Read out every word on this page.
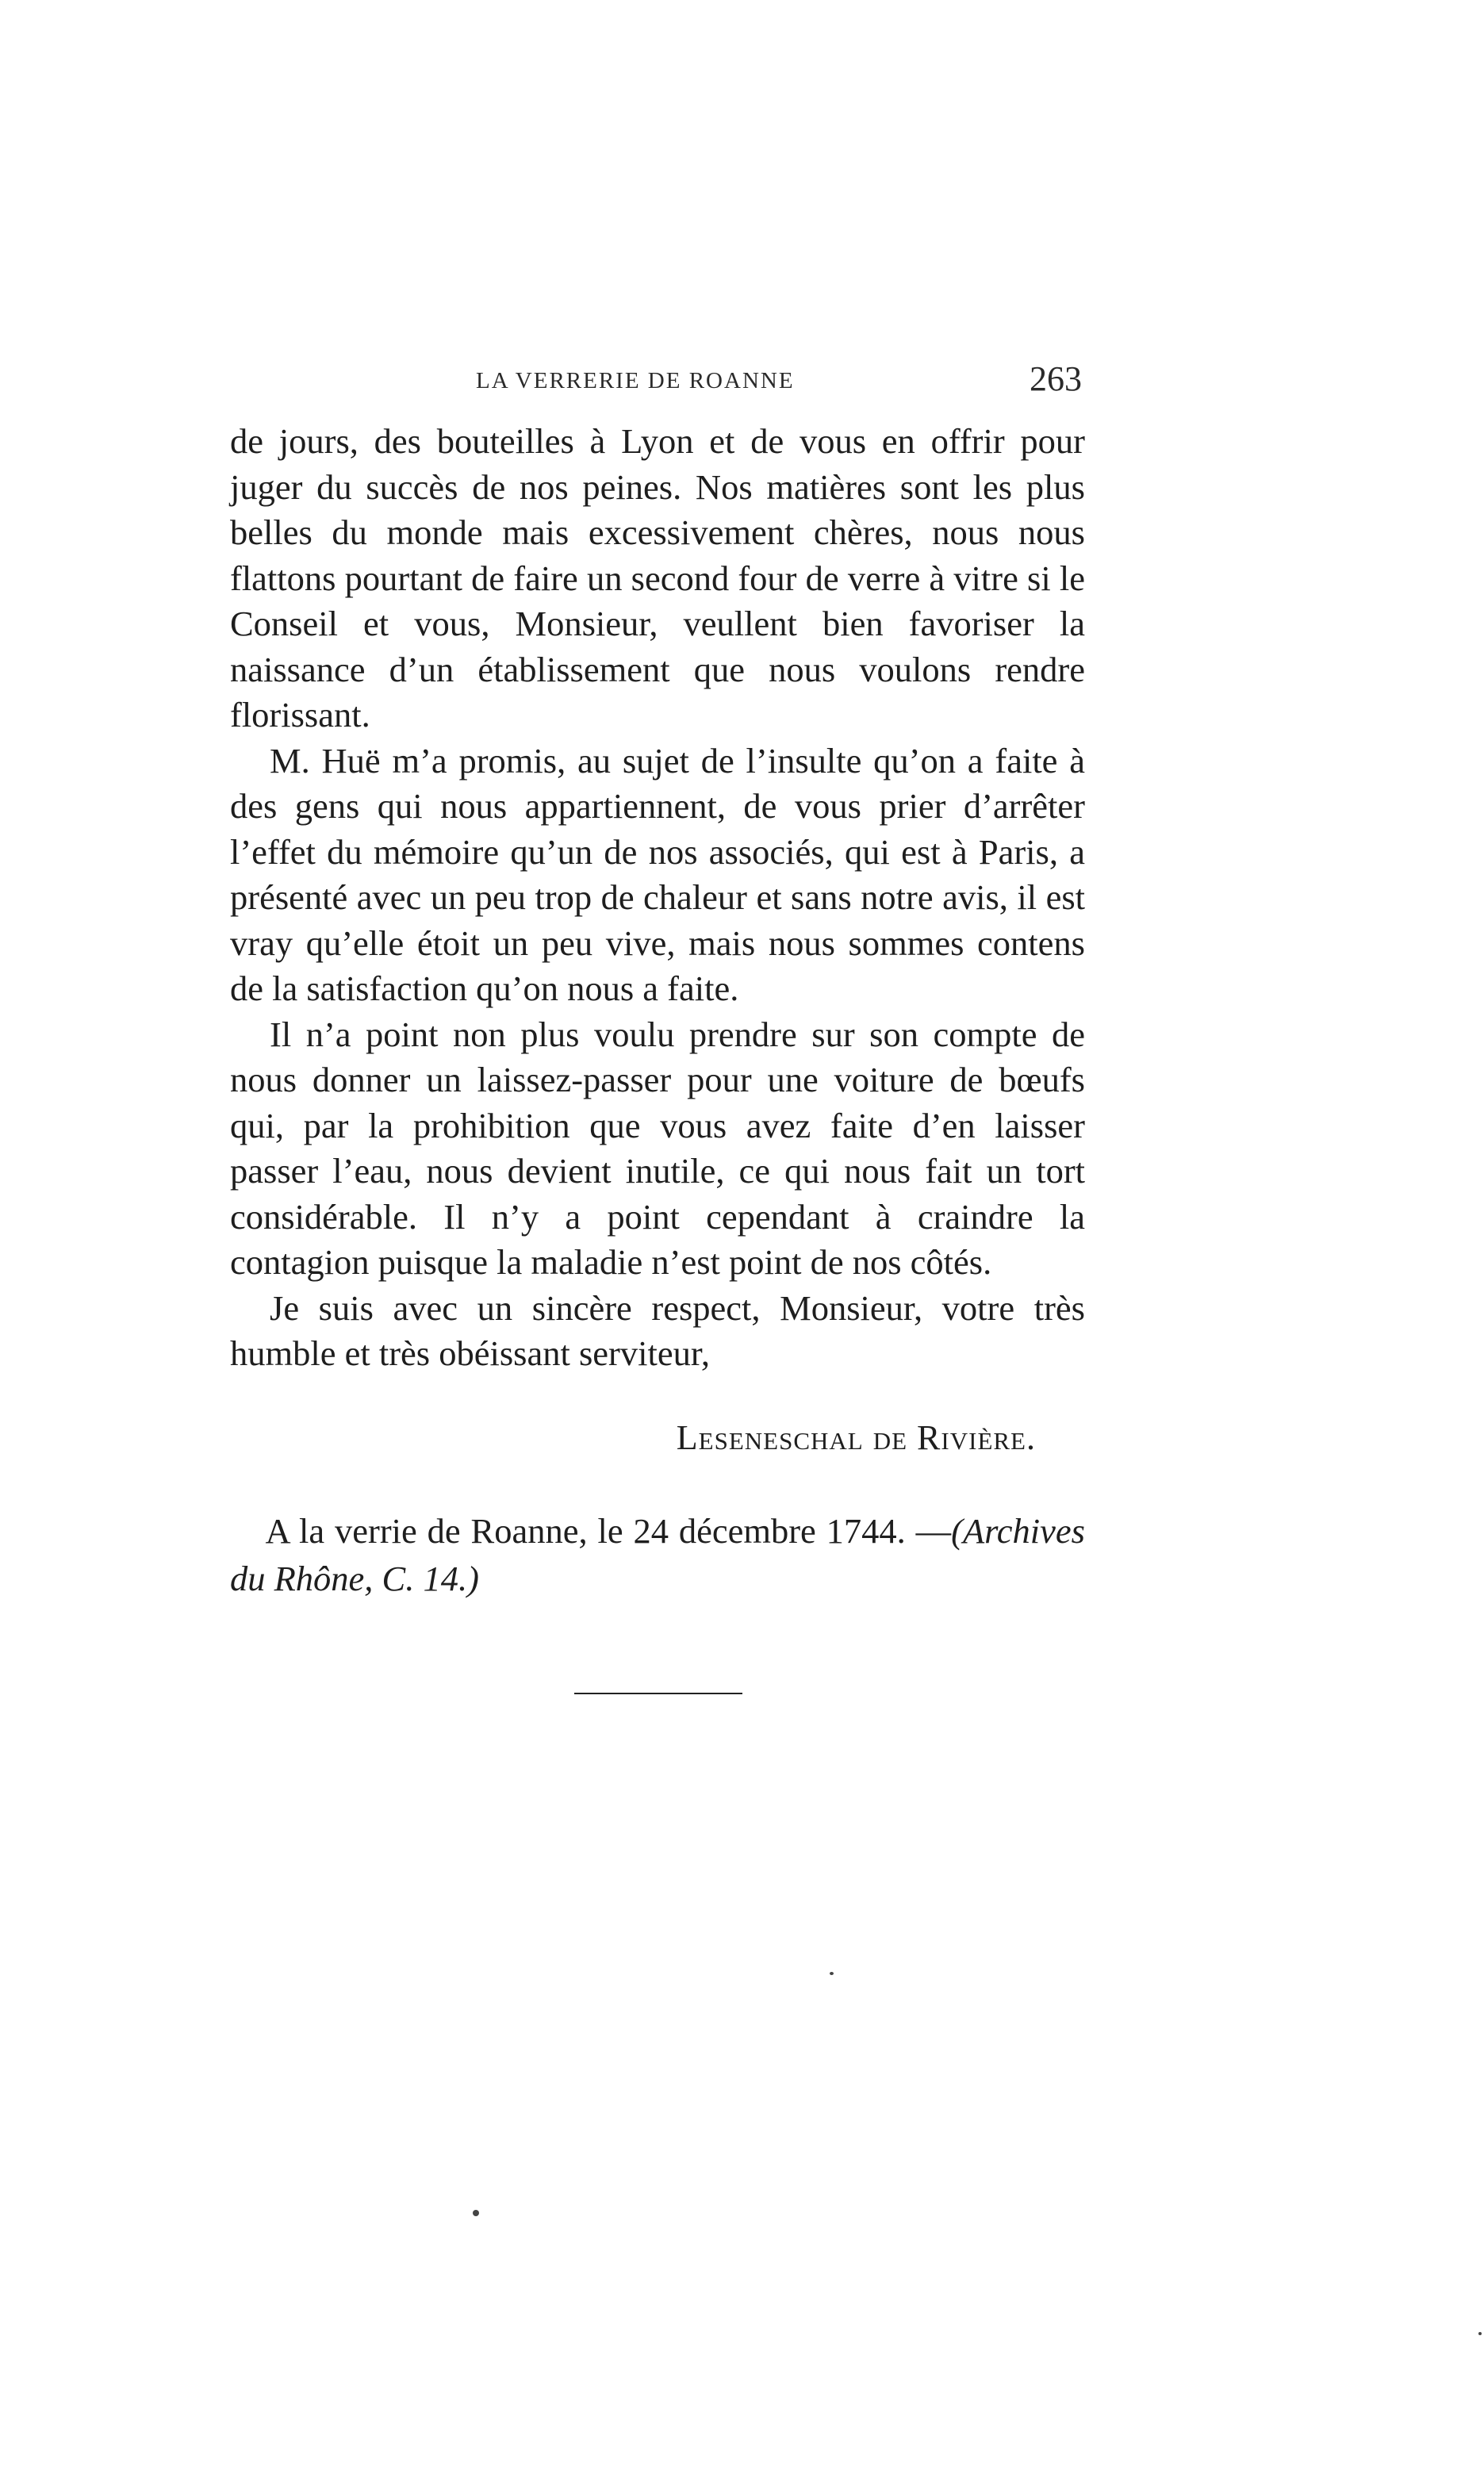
LA VERRERIE DE ROANNE	263

de jours, des bouteilles à Lyon et de vous en offrir pour juger du succès de nos peines. Nos matières sont les plus belles du monde mais excessivement chères, nous nous flattons pourtant de faire un second four de verre à vitre si le Conseil et vous, Monsieur, veullent bien favoriser la naissance d’un établissement que nous voulons rendre florissant.

M. Huë m’a promis, au sujet de l’insulte qu’on a faite à des gens qui nous appartiennent, de vous prier d’arrêter l’effet du mémoire qu’un de nos associés, qui est à Paris, a présenté avec un peu trop de chaleur et sans notre avis, il est vray qu’elle étoit un peu vive, mais nous sommes contens de la satisfaction qu’on nous a faite.

Il n’a point non plus voulu prendre sur son compte de nous donner un laissez-passer pour une voiture de bœufs qui, par la prohibition que vous avez faite d’en laisser passer l’eau, nous devient inutile, ce qui nous fait un tort considérable. Il n’y a point cependant à craindre la contagion puisque la maladie n’est point de nos côtés.

Je suis avec un sincère respect, Monsieur, votre très humble et très obéissant serviteur,

Leseneschal de Rivière.
 A la verrie de Roanne, le 24 décembre 1744. —(Archives du Rhône, C. 14.)
